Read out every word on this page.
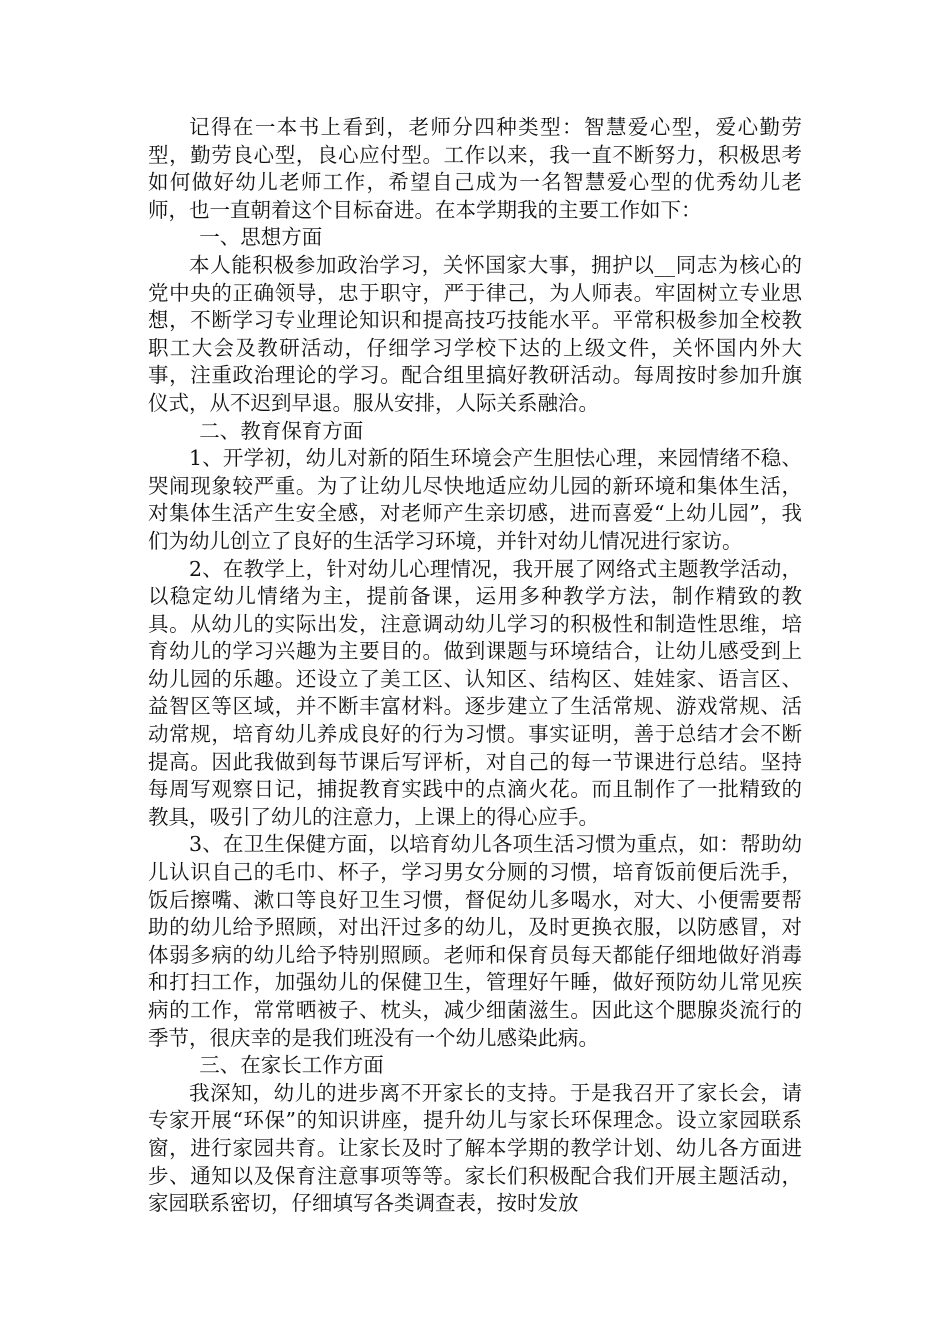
记得在一本书上看到，老师分四种类型：智慧爱心型，爱心勤劳型，勤劳良心型，良心应付型。工作以来，我一直不断努力，积极思考如何做好幼儿老师工作，希望自己成为一名智慧爱心型的优秀幼儿老师，也一直朝着这个目标奋进。在本学期我的主要工作如下：

一、思想方面

本人能积极参加政治学习，关怀国家大事，拥护以__同志为核心的党中央的正确领导，忠于职守，严于律己，为人师表。牢固树立专业思想，不断学习专业理论知识和提高技巧技能水平。平常积极参加全校教职工大会及教研活动，仔细学习学校下达的上级文件，关怀国内外大事，注重政治理论的学习。配合组里搞好教研活动。每周按时参加升旗仪式，从不迟到早退。服从安排，人际关系融洽。

二、教育保育方面

1、开学初，幼儿对新的陌生环境会产生胆怯心理，来园情绪不稳、哭闹现象较严重。为了让幼儿尽快地适应幼儿园的新环境和集体生活，对集体生活产生安全感，对老师产生亲切感，进而喜爱“上幼儿园”，我们为幼儿创立了良好的生活学习环境，并针对幼儿情况进行家访。

2、在教学上，针对幼儿心理情况，我开展了网络式主题教学活动，以稳定幼儿情绪为主，提前备课，运用多种教学方法，制作精致的教具。从幼儿的实际出发，注意调动幼儿学习的积极性和制造性思维，培育幼儿的学习兴趣为主要目的。做到课题与环境结合，让幼儿感受到上幼儿园的乐趣。还设立了美工区、认知区、结构区、娃娃家、语言区、益智区等区域，并不断丰富材料。逐步建立了生活常规、游戏常规、活动常规，培育幼儿养成良好的行为习惯。事实证明，善于总结才会不断提高。因此我做到每节课后写评析，对自己的每一节课进行总结。坚持每周写观察日记，捕捉教育实践中的点滴火花。而且制作了一批精致的教具，吸引了幼儿的注意力，上课上的得心应手。

3、在卫生保健方面，以培育幼儿各项生活习惯为重点，如：帮助幼儿认识自己的毛巾、杯子，学习男女分厕的习惯，培育饭前便后洗手，饭后擦嘴、漱口等良好卫生习惯，督促幼儿多喝水，对大、小便需要帮助的幼儿给予照顾，对出汗过多的幼儿，及时更换衣服，以防感冒，对体弱多病的幼儿给予特别照顾。老师和保育员每天都能仔细地做好消毒和打扫工作，加强幼儿的保健卫生，管理好午睡，做好预防幼儿常见疾病的工作，常常晒被子、枕头，减少细菌滋生。因此这个腮腺炎流行的季节，很庆幸的是我们班没有一个幼儿感染此病。

三、在家长工作方面

我深知，幼儿的进步离不开家长的支持。于是我召开了家长会，请专家开展“环保”的知识讲座，提升幼儿与家长环保理念。设立家园联系窗，进行家园共育。让家长及时了解本学期的教学计划、幼儿各方面进步、通知以及保育注意事项等等。家长们积极配合我们开展主题活动，家园联系密切，仔细填写各类调查表，按时发放
